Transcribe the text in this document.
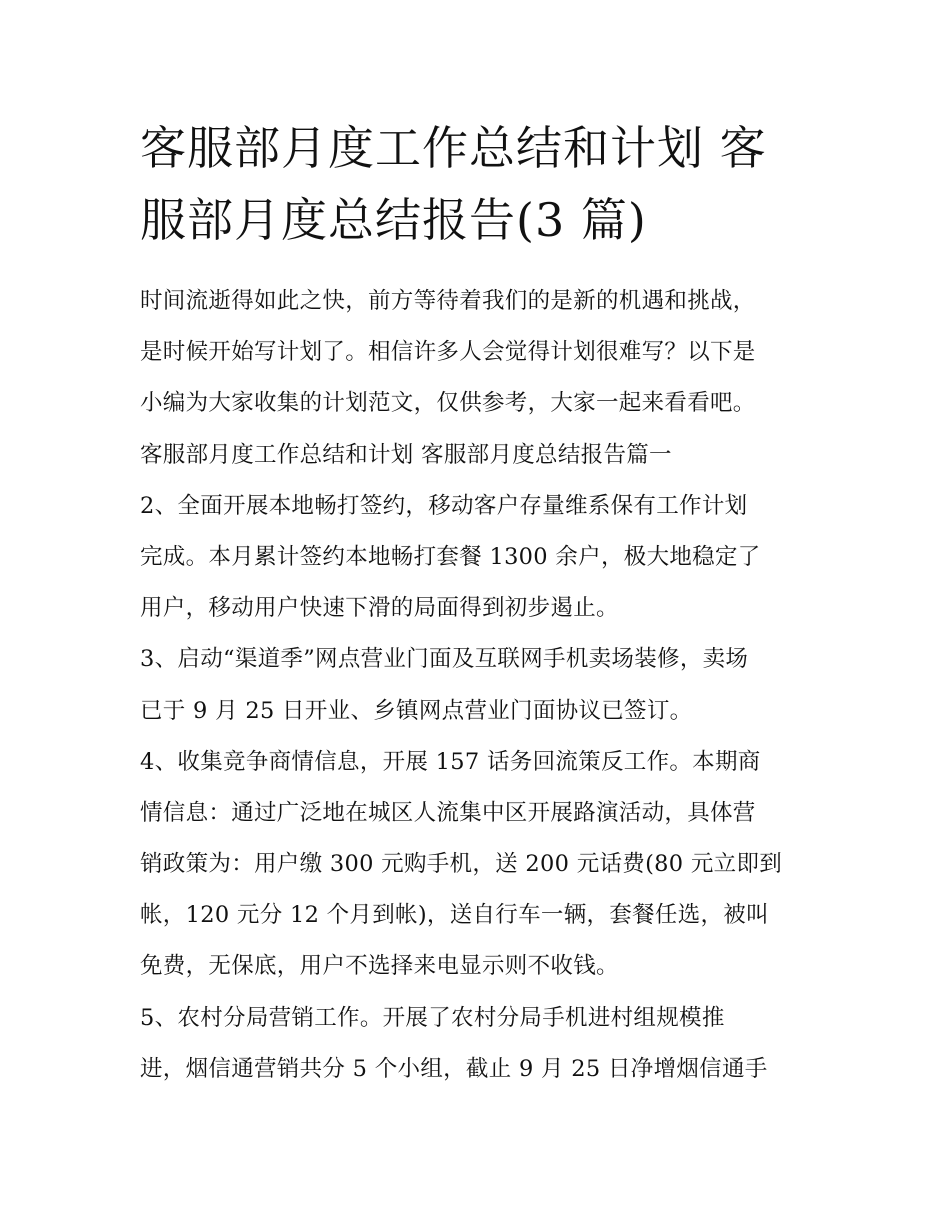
客服部月度工作总结和计划 客
服部月度总结报告(3 篇)
时间流逝得如此之快，前方等待着我们的是新的机遇和挑战，
是时候开始写计划了。相信许多人会觉得计划很难写？以下是
小编为大家收集的计划范文，仅供参考，大家一起来看看吧。
客服部月度工作总结和计划 客服部月度总结报告篇一
2、全面开展本地畅打签约，移动客户存量维系保有工作计划
完成。本月累计签约本地畅打套餐 1300 余户，极大地稳定了
用户，移动用户快速下滑的局面得到初步遏止。
3、启动“渠道季”网点营业门面及互联网手机卖场装修，卖场
已于 9 月 25 日开业、乡镇网点营业门面协议已签订。
4、收集竞争商情信息，开展 157 话务回流策反工作。本期商
情信息：通过广泛地在城区人流集中区开展路演活动，具体营
销政策为：用户缴 300 元购手机，送 200 元话费(80 元立即到
帐，120 元分 12 个月到帐)，送自行车一辆，套餐任选，被叫
免费，无保底，用户不选择来电显示则不收钱。
5、农村分局营销工作。开展了农村分局手机进村组规模推
进，烟信通营销共分 5 个小组，截止 9 月 25 日净增烟信通手
